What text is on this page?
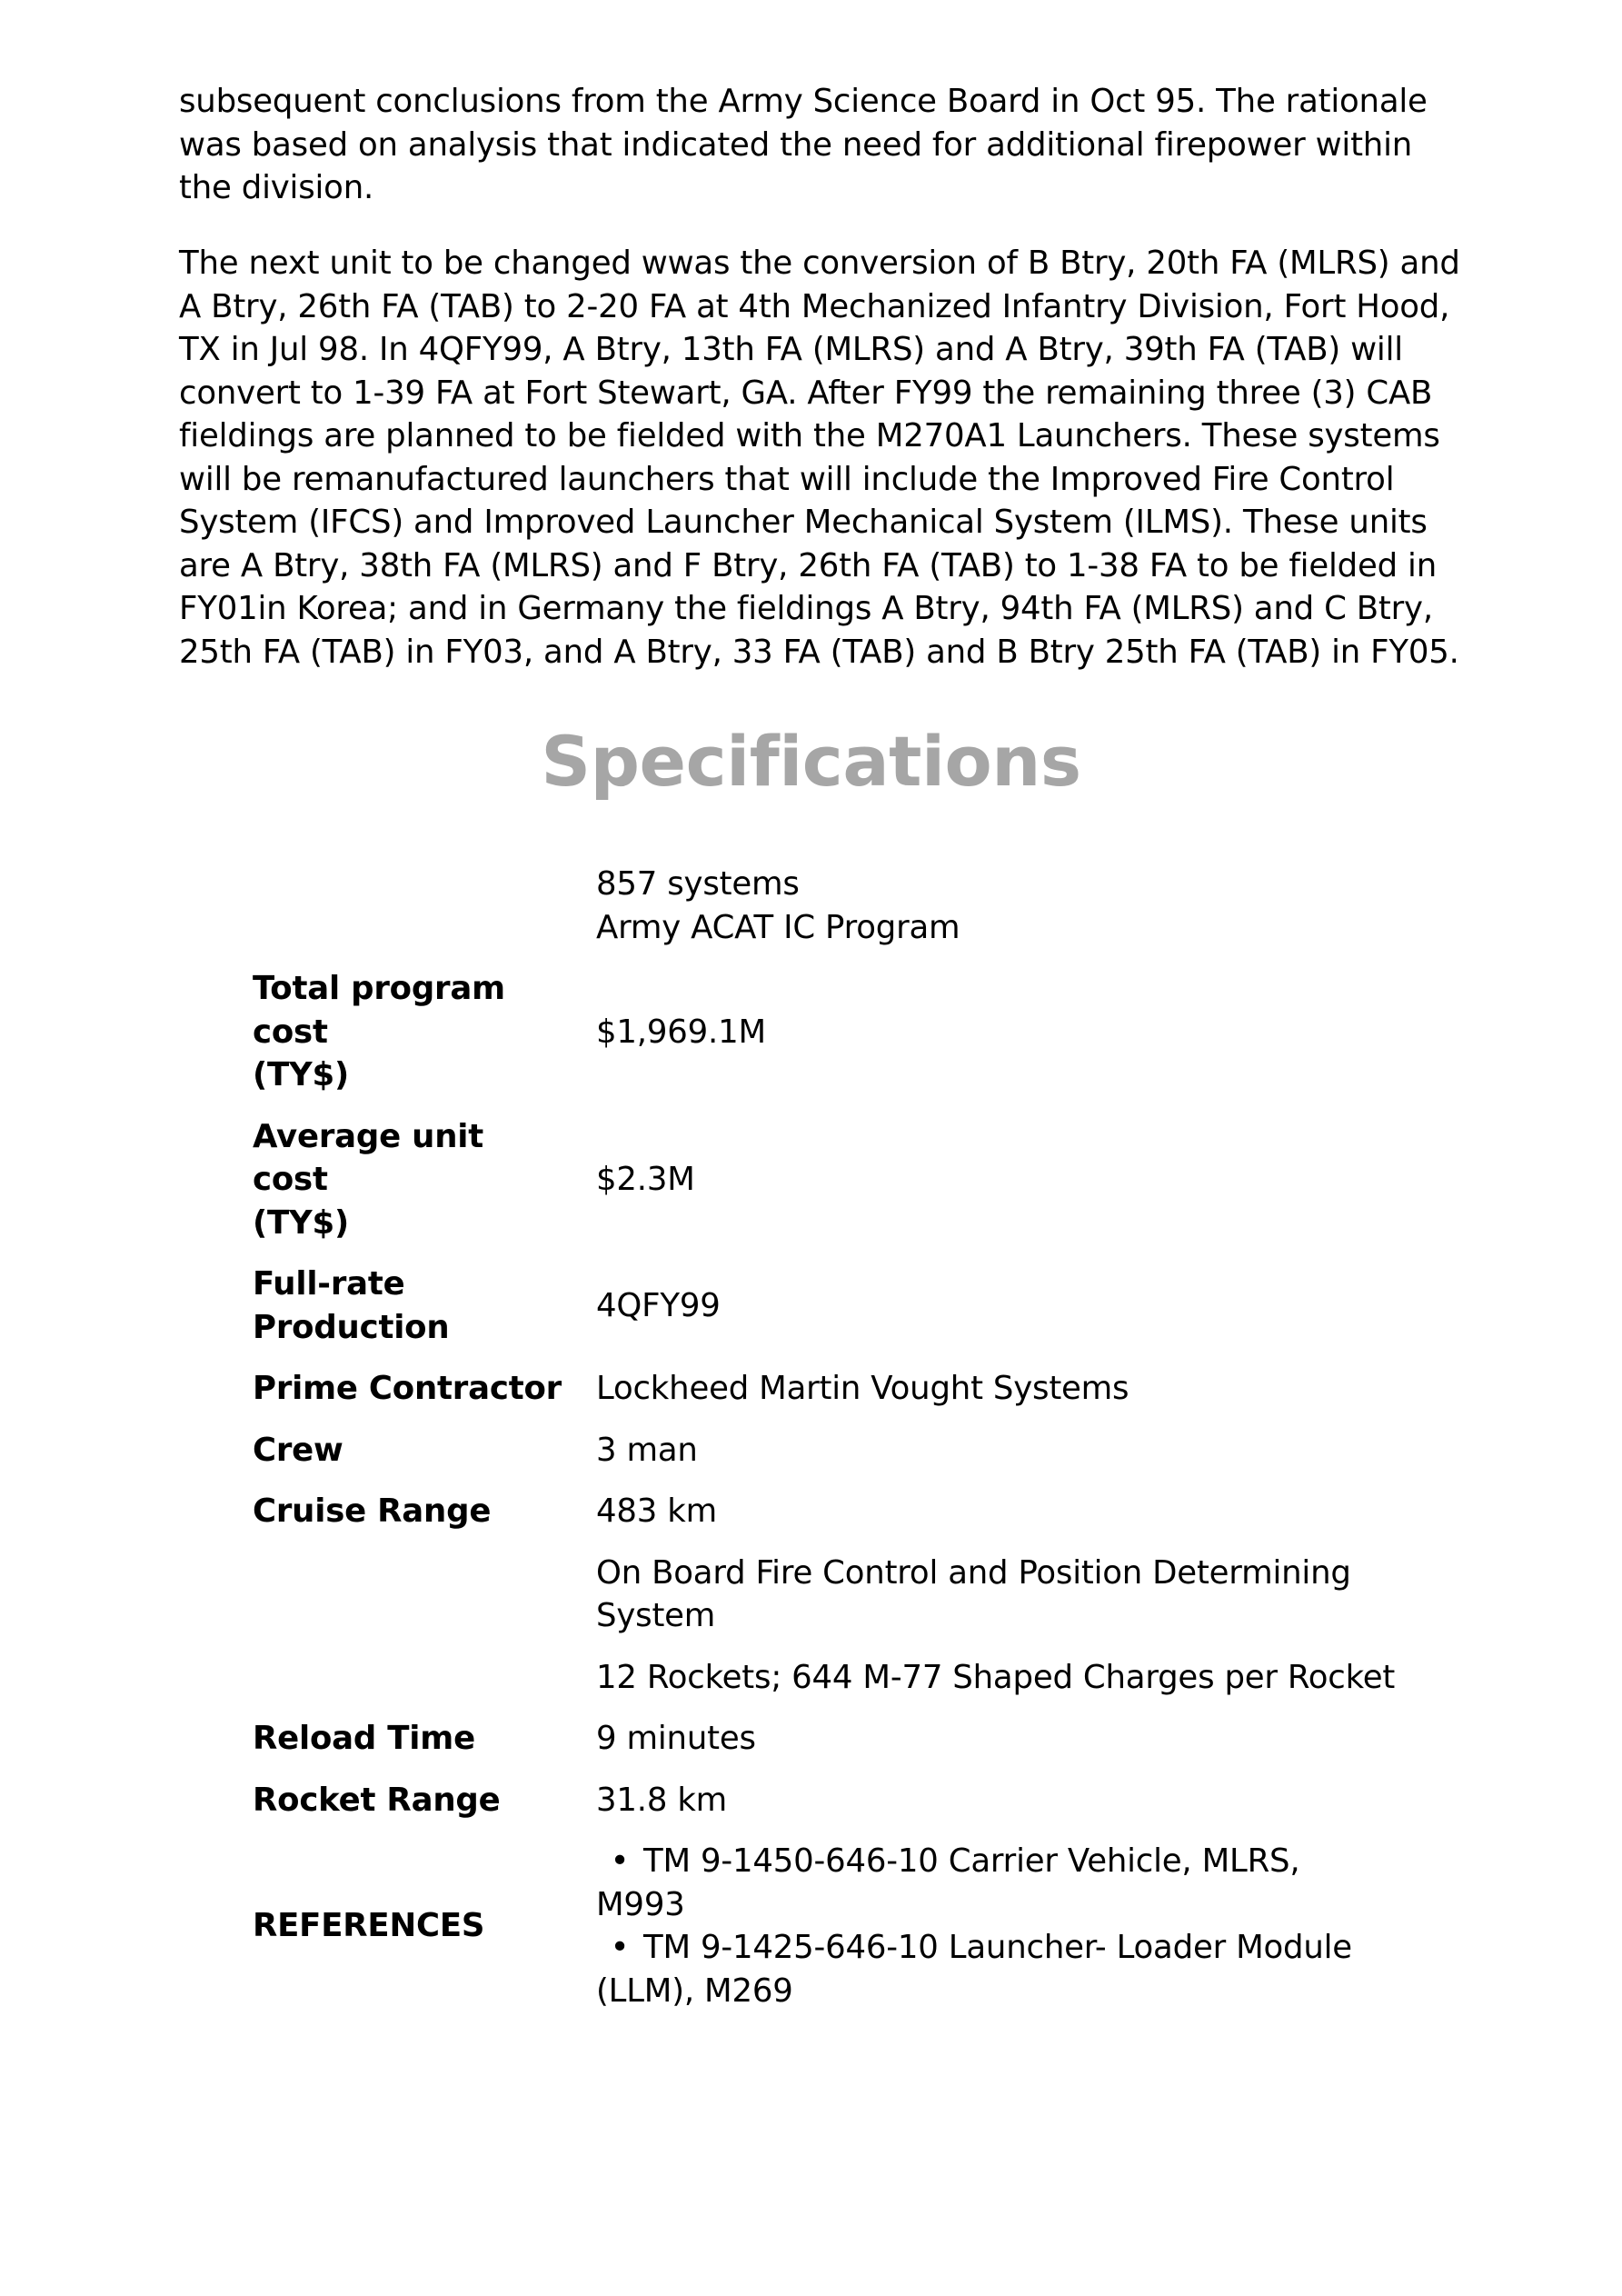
subsequent conclusions from the Army Science Board in Oct 95. The rationale was based on analysis that indicated the need for additional firepower within the division.

The next unit to be changed wwas the conversion of B Btry, 20th FA (MLRS) and A Btry, 26th FA (TAB) to 2-20 FA at 4th Mechanized Infantry Division, Fort Hood, TX in Jul 98. In 4QFY99, A Btry, 13th FA (MLRS) and A Btry, 39th FA (TAB) will convert to 1-39 FA at Fort Stewart, GA. After FY99 the remaining three (3) CAB fieldings are planned to be fielded with the M270A1 Launchers. These systems will be remanufactured launchers that will include the Improved Fire Control System (IFCS) and Improved Launcher Mechanical System (ILMS). These units are A Btry, 38th FA (MLRS) and F Btry, 26th FA (TAB) to 1-38 FA to be fielded in FY01in Korea; and in Germany the fieldings A Btry, 94th FA (MLRS) and C Btry, 25th FA (TAB) in FY03, and A Btry, 33 FA (TAB) and B Btry 25th FA (TAB) in FY05.

Specifications

	857 systems
Army ACAT IC Program

Total program cost
(TY$)	$1,969.1M

Average unit cost
(TY$)	$2.3M

Full-rate
Production	4QFY99
Prime Contractor	Lockheed Martin Vought Systems
Crew	3 man
Cruise Range	483 km

	On Board Fire Control and Position Determining
System

	12 Rockets; 644 M-77 Shaped Charges per Rocket
Reload Time	9 minutes
Rocket Range	31.8 km
REFERENCES	• TM 9-1450-646-10 Carrier Vehicle, MLRS,
M993
• TM 9-1425-646-10 Launcher- Loader Module
(LLM), M269
